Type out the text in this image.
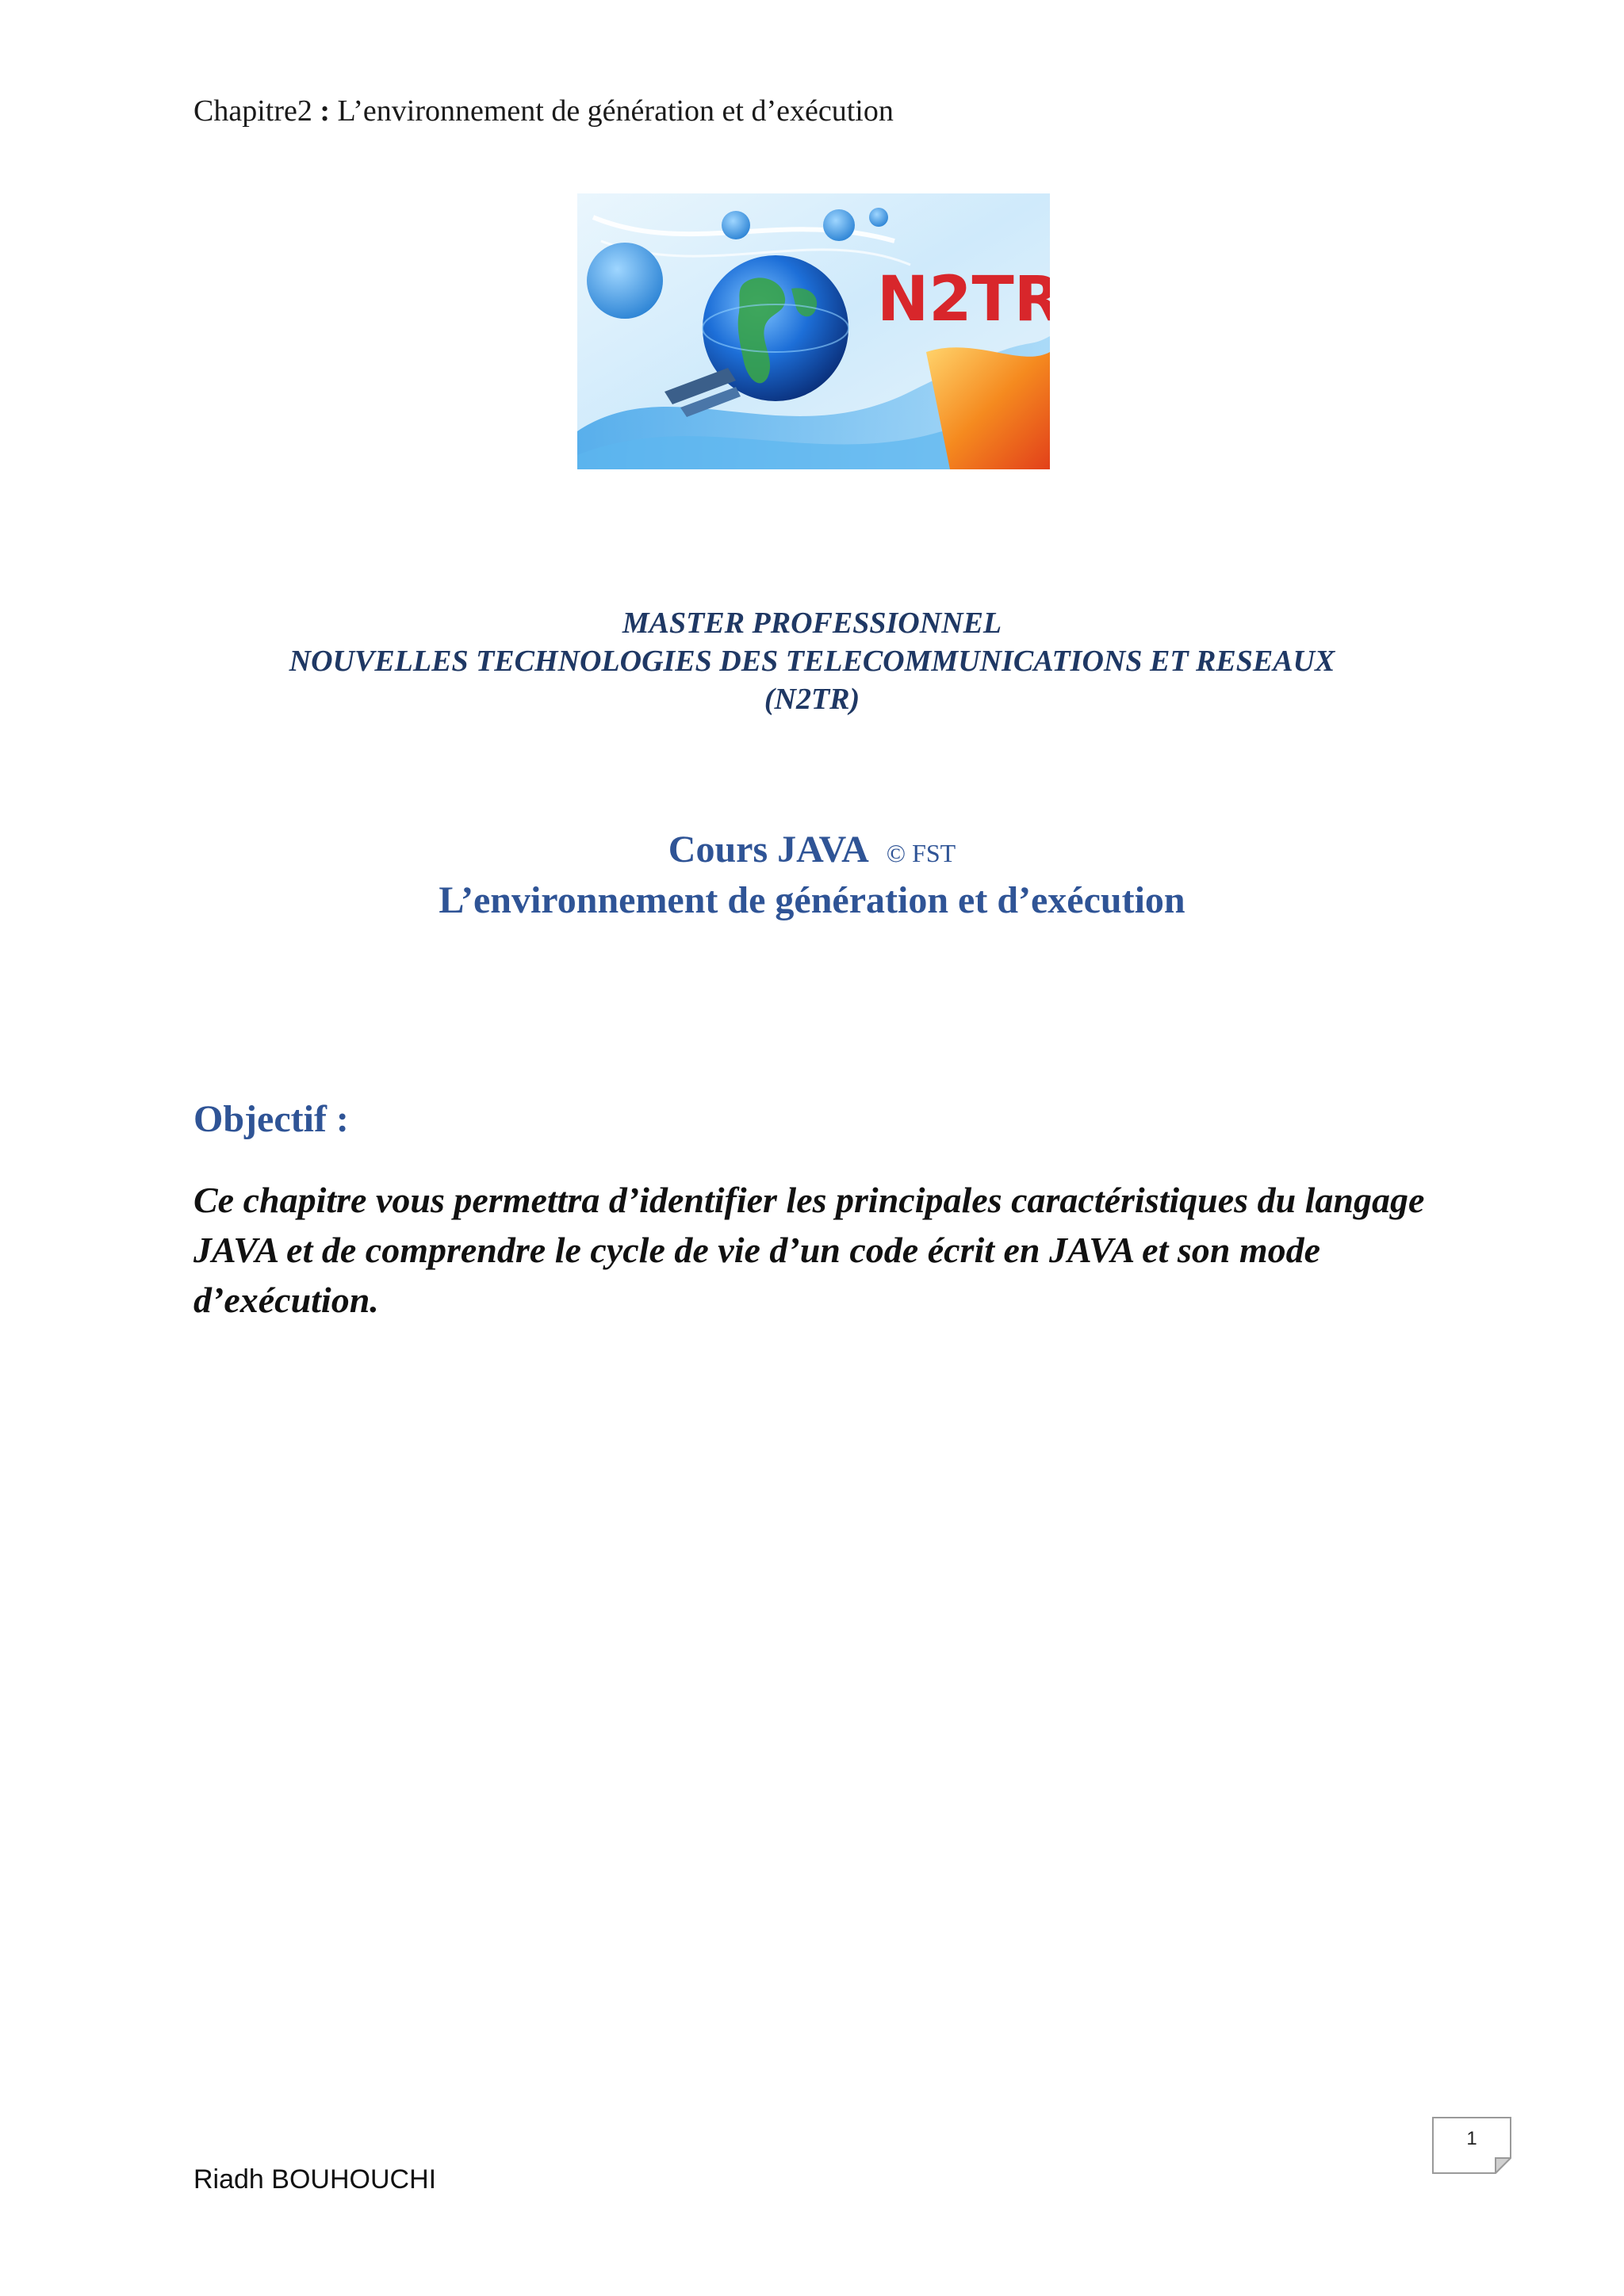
Chapitre2 : L’environnement de génération et d’exécution
N2TR
MASTER PROFESSIONNEL
NOUVELLES TECHNOLOGIES DES TELECOMMUNICATIONS ET RESEAUX
(N2TR)
Cours JAVA © FST
L’environnement de génération et d’exécution
Objectif :
Ce chapitre vous permettra d’identifier les principales caractéristiques du langage JAVA et de comprendre le cycle de vie d’un code écrit en JAVA et son mode d’exécution.
1
Riadh BOUHOUCHI
